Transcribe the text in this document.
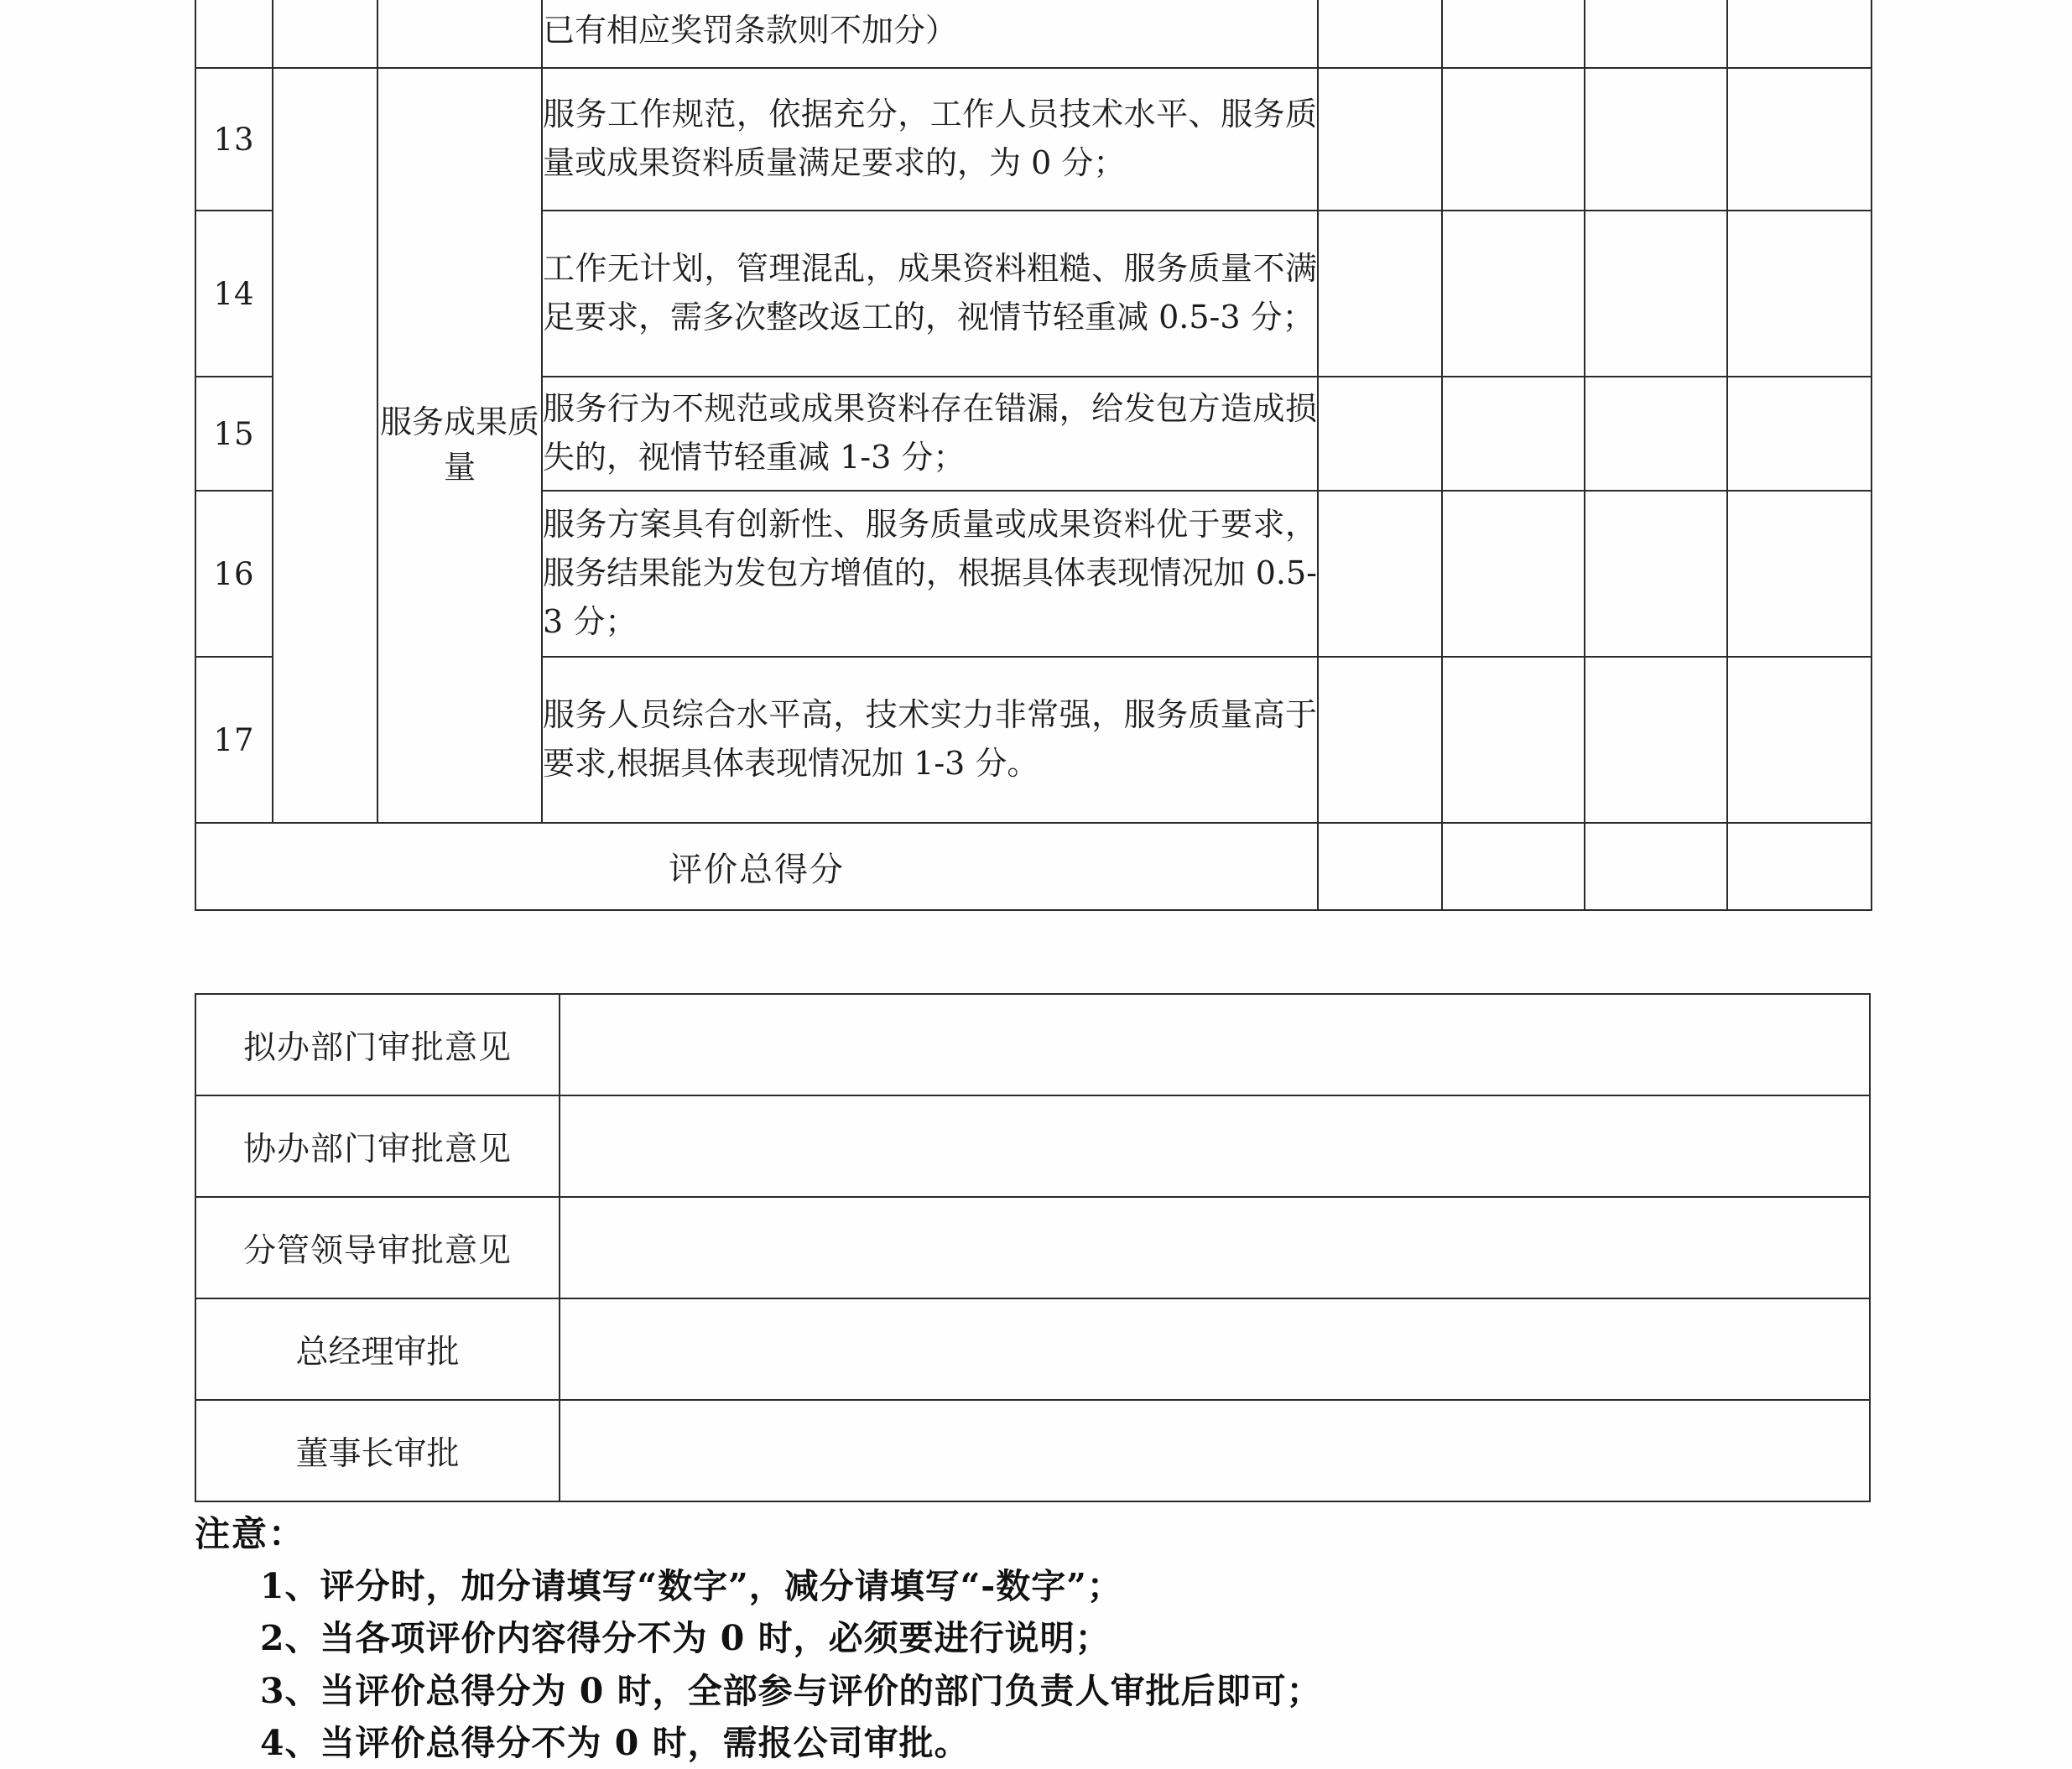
			已有相应奖罚条款则不加分）				
13		服务成果质量	服务工作规范，依据充分，工作人员技术水平、服务质量或成果资料质量满足要求的，为 0 分；				
14			工作无计划，管理混乱，成果资料粗糙、服务质量不满足要求，需多次整改返工的，视情节轻重减 0.5-3 分；				
15			服务行为不规范或成果资料存在错漏，给发包方造成损失的，视情节轻重减 1-3 分；				
16			服务方案具有创新性、服务质量或成果资料优于要求，服务结果能为发包方增值的，根据具体表现情况加 0.5-3 分；				
17			服务人员综合水平高，技术实力非常强，服务质量高于要求,根据具体表现情况加 1-3 分。				
评价总得分							
拟办部门审批意见	
协办部门审批意见	
分管领导审批意见	
总经理审批	
董事长审批	
注意：
1、评分时，加分请填写“数字”，减分请填写“-数字”；
2、当各项评价内容得分不为 0 时，必须要进行说明；
3、当评价总得分为 0 时，全部参与评价的部门负责人审批后即可；
4、当评价总得分不为 0 时，需报公司审批。
